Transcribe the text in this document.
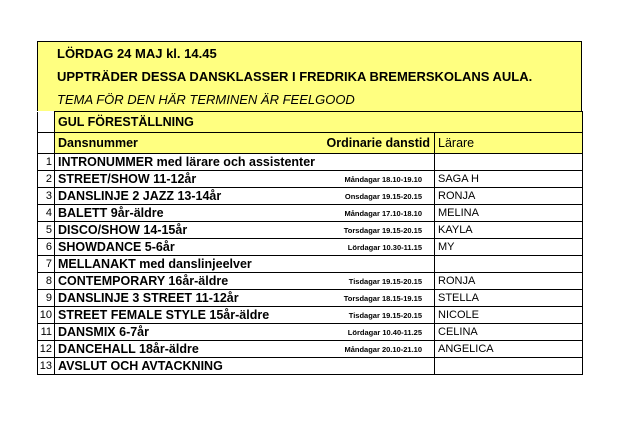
LÖRDAG 24 MAJ kl. 14.45
UPPTRÄDER DESSA DANSKLASSER I FREDRIKA BREMERSKOLANS AULA.
TEMA FÖR DEN HÄR TERMINEN ÄR FEELGOOD
	GUL FÖRESTÄLLNING		
	Dansnummer	Ordinarie danstid	Lärare
1	INTRONUMMER med lärare och assistenter		
2	STREET/SHOW 11-12år	Måndagar 18.10-19.10	SAGA H
3	DANSLINJE 2 JAZZ 13-14år	Onsdagar 19.15-20.15	RONJA
4	BALETT 9år-äldre	Måndagar 17.10-18.10	MELINA
5	DISCO/SHOW 14-15år	Torsdagar 19.15-20.15	KAYLA
6	SHOWDANCE 5-6år	Lördagar 10.30-11.15	MY
7	MELLANAKT med danslinjeelver		
8	CONTEMPORARY 16år-äldre	Tisdagar 19.15-20.15	RONJA
9	DANSLINJE 3 STREET 11-12år	Torsdagar 18.15-19.15	STELLA
10	STREET FEMALE STYLE 15år-äldre	Tisdagar 19.15-20.15	NICOLE
11	DANSMIX 6-7år	Lördagar 10.40-11.25	CELINA
12	DANCEHALL 18år-äldre	Måndagar 20.10-21.10	ANGELICA
13	AVSLUT OCH AVTACKNING		
